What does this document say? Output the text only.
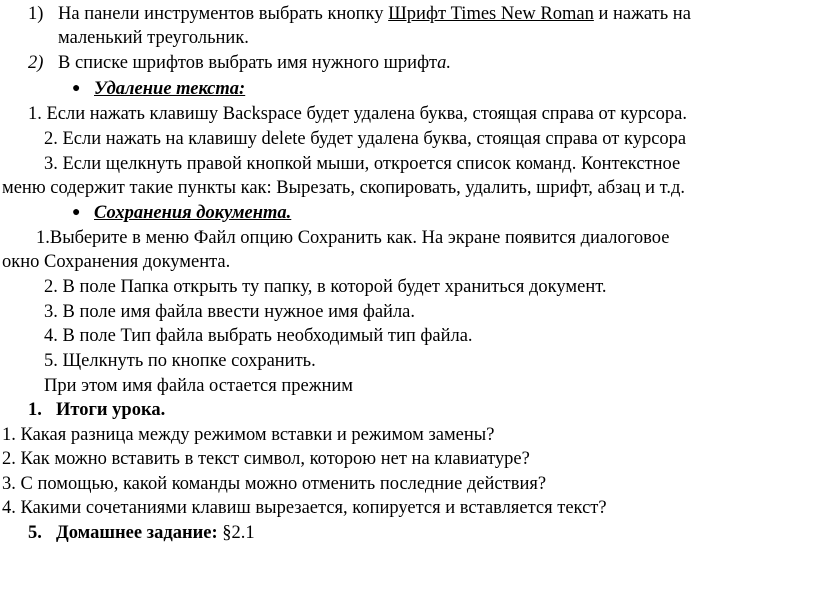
1) На панели инструментов выбрать кнопку Шрифт Times New Roman и нажать на
маленький треугольник.
2) В списке шрифтов выбрать имя нужного шрифта.
● Удаление текста:
1. Если нажать клавишу Backspace будет удалена буква, стоящая справа от курсора.
2. Если нажать на клавишу delete будет удалена буква, стоящая справа от курсора
3. Если щелкнуть правой кнопкой мыши, откроется список команд. Контекстное
меню содержит такие пункты как: Вырезать, скопировать, удалить, шрифт, абзац и т.д.
● Сохранения документа.
1.Выберите в меню Файл опцию Сохранить как. На экране появится диалоговое
окно Сохранения документа.
2. В поле Папка открыть ту папку, в которой будет храниться документ.
3. В поле имя файла ввести нужное имя файла.
4. В поле Тип файла выбрать необходимый тип файла.
5. Щелкнуть по кнопке сохранить.
При этом имя файла остается прежним
1. Итоги урока.
1. Какая разница между режимом вставки и режимом замены?
2. Как можно вставить в текст символ, которою нет на клавиатуре?
3. С помощью, какой команды можно отменить последние действия?
4. Какими сочетаниями клавиш вырезается, копируется и вставляется текст?
5. Домашнее задание: §2.1
